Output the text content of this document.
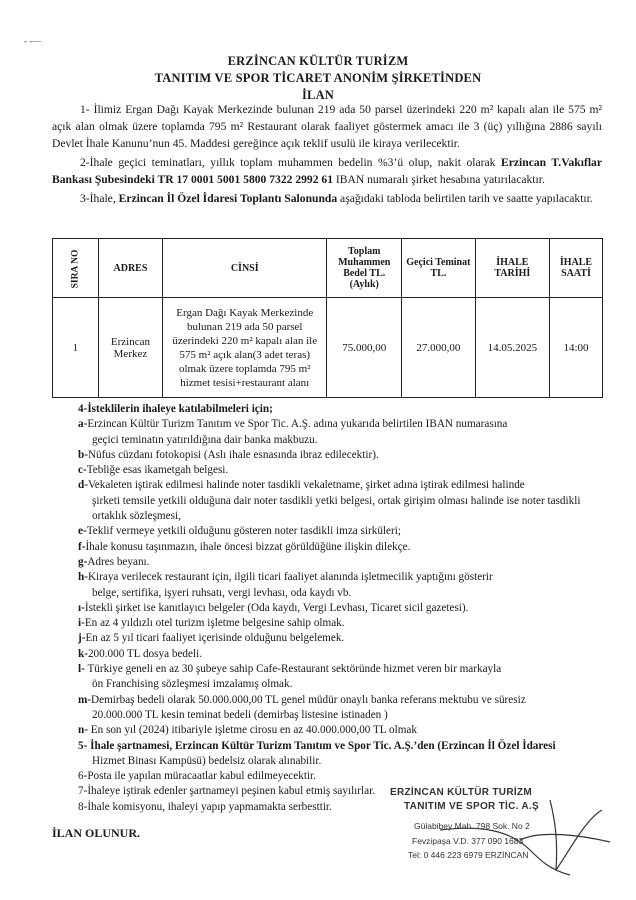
- -—
ERZİNCAN KÜLTÜR TURİZM
TANITIM VE SPOR TİCARET ANONİM ŞİRKETİNDEN
İLAN
1- İlimiz Ergan Dağı Kayak Merkezinde bulunan 219 ada 50 parsel üzerindeki 220 m² kapalı alan ile 575 m² açık alan olmak üzere toplamda 795 m² Restaurant olarak faaliyet göstermek amacı ile 3 (üç) yıllığına 2886 sayılı Devlet İhale Kanunu’nun 45. Maddesi gereğince açık teklif usulü ile kiraya verilecektir.
2-İhale geçici teminatları, yıllık toplam muhammen bedelin %3’ü olup, nakit olarak Erzincan T.Vakıflar Bankası Şubesindeki TR 17 0001 5001 5800 7322 2992 61 IBAN numaralı şirket hesabına yatırılacaktır.
3-İhale, Erzincan İl Özel İdaresi Toplantı Salonunda aşağıdaki tabloda belirtilen tarih ve saatte yapılacaktır.
SIRA NO	ADRES	CİNSİ	Toplam Muhammen Bedel TL. (Aylık)	Geçici Teminat TL.	İHALE TARİHİ	İHALE SAATİ
1	Erzincan Merkez	Ergan Dağı Kayak Merkezinde bulunan 219 ada 50 parsel üzerindeki 220 m² kapalı alan ile 575 m² açık alan(3 adet teras) olmak üzere toplamda 795 m² hizmet tesisi+restaurant alanı	75.000,00	27.000,00	14.05.2025	14:00
4-İsteklilerin ihaleye katılabilmeleri için;
a-Erzincan Kültür Turizm Tanıtım ve Spor Tic. A.Ş. adına yukarıda belirtilen IBAN numarasına
geçici teminatın yatırıldığına dair banka makbuzu.
b-Nüfus cüzdanı fotokopisi (Aslı ihale esnasında ibraz edilecektir).
c-Tebliğe esas ikametgah belgesi.
d-Vekaleten iştirak edilmesi halinde noter tasdikli vekaletname, şirket adına iştirak edilmesi halinde
şirketi temsile yetkili olduğuna dair noter tasdikli yetki belgesi, ortak girişim olması halinde ise noter tasdikli ortaklık sözleşmesi,
e-Teklif vermeye yetkili olduğunu gösteren noter tasdikli imza sirküleri;
f-İhale konusu taşınmazın, ihale öncesi bizzat görüldüğüne ilişkin dilekçe.
g-Adres beyanı.
h-Kiraya verilecek restaurant için, ilgili ticari faaliyet alanında işletmecilik yaptığını gösterir
belge, sertifika, işyeri ruhsatı, vergi levhası, oda kaydı vb.
ı-İstekli şirket ise kanıtlayıcı belgeler (Oda kaydı, Vergi Levhası, Ticaret sicil gazetesi).
i-En az 4 yıldızlı otel turizm işletme belgesine sahip olmak.
j-En az 5 yıl ticari faaliyet içerisinde olduğunu belgelemek.
k-200.000 TL dosya bedeli.
l- Türkiye geneli en az 30 şubeye sahip Cafe-Restaurant sektöründe hizmet veren bir markayla
ön Franchising sözleşmesi imzalamış olmak.
m-Demirbaş bedeli olarak 50.000.000,00 TL genel müdür onaylı banka referans mektubu ve süresiz
20.000.000 TL kesin teminat bedeli (demirbaş listesine istinaden )
n- En son yıl (2024) itibariyle işletme cirosu en az 40.000.000,00 TL olmak
5- İhale şartnamesi, Erzincan Kültür Turizm Tanıtım ve Spor Tic. A.Ş.’den (Erzincan İl Özel İdaresi
Hizmet Binası Kampüsü) bedelsiz olarak alınabilir.
6-Posta ile yapılan müracaatlar kabul edilmeyecektir.
7-İhaleye iştirak edenler şartnameyi peşinen kabul etmiş sayılırlar.
8-İhale komisyonu, ihaleyi yapıp yapmamakta serbesttir.
İLAN OLUNUR.
ERZİNCAN KÜLTÜR TURİZM
TANITIM VE SPOR TİC. A.Ş
Gülabibey Mah. 798 Sok. No 2
Fevzipaşa V.D. 377 090 1683
Tel: 0 446 223 6979 ERZİNCAN
